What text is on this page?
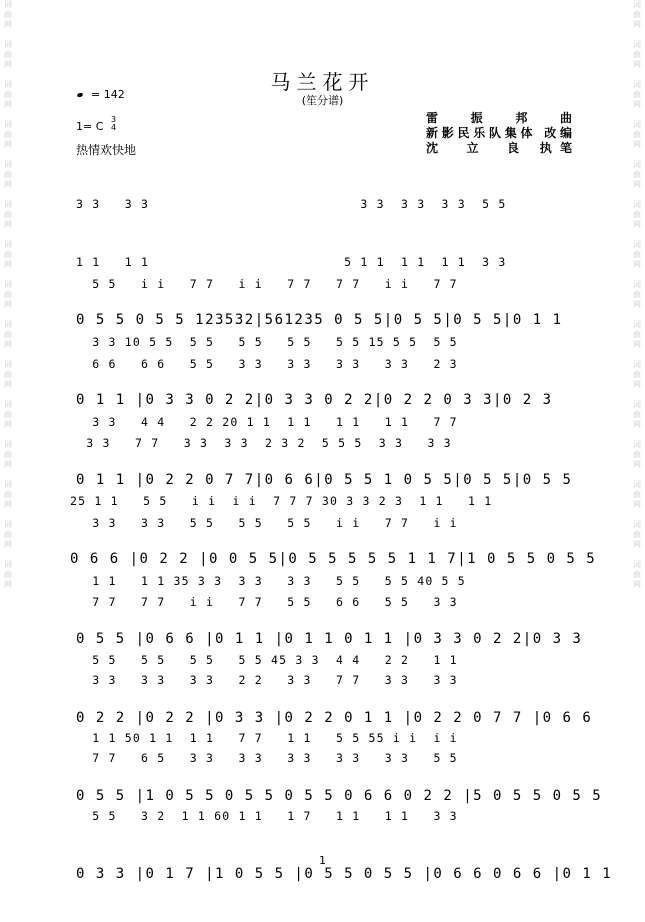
词
曲
网

词
曲
网

词
曲
网

词
曲
网

词
曲
网

词
曲
网

词
曲
网

词
曲
网

词
曲
网

词
曲
网

词
曲
网

词
曲
网

词
曲
网

词
曲
网

词
曲
网
词
曲
网

词
曲
网

词
曲
网

词
曲
网

词
曲
网

词
曲
网

词
曲
网

词
曲
网

词
曲
网

词
曲
网

词
曲
网

词
曲
网

词
曲
网

词
曲
网

词
曲
网
马兰花开
(笙分谱)
= 142
1= C
3
4
热情欢快地
雷　振　邦　曲
新影民乐队集体 改编
沈　立　良 执笔

3 3   3 3                          3 3  3 3  3 3  5 5

1 1   1 1                        5 1 1  1 1  1 1  3 3

0 5 5 0 5 5 123532|561235 0 5 5|0 5 5|0 5 5|0 1 1

5 5   i i   7 7   i i   7 7   7 7   i i   7 7

3 3 10 5 5  5 5   5 5   5 5   5 5 15 5 5  5 5

0 1 1 |0 3 3 0 2 2|0 3 3 0 2 2|0 2 2 0 3 3|0 2 3

6 6   6 6   5 5   3 3   3 3   3 3   3 3   2 3

3 3   4 4   2 2 20 1 1  1 1   1 1   1 1   7 7

0 1 1 |0 2 2 0 7 7|0 6 6|0 5 5 1 0 5 5|0 5 5|0 5 5

3 3   7 7   3 3  3 3  2 3 2  5 5 5  3 3   3 3

25 1 1   5 5   i i  i i  7 7 7 30 3 3 2 3  1 1   1 1

0 6 6 |0 2 2 |0 0 5 5|0 5 5 5 5 5 1 1 7|1 0 5 5 0 5 5

3 3   3 3   5 5   5 5   5 5   i i   7 7   i i

1 1   1 1 35 3 3  3 3   3 3   5 5   5 5 40 5 5

0 5 5 |0 6 6 |0 1 1 |0 1 1 0 1 1 |0 3 3 0 2 2|0 3 3

7 7   7 7   i i   7 7   5 5   6 6   5 5   3 3

5 5   5 5   5 5   5 5 45 3 3  4 4   2 2   1 1

0 2 2 |0 2 2 |0 3 3 |0 2 2 0 1 1 |0 2 2 0 7 7 |0 6 6

3 3   3 3   3 3   2 2   3 3   7 7   3 3   3 3

1 1 50 1 1  1 1   7 7   1 1   5 5 55 i i  i i

0 5 5 |1 0 5 5 0 5 5 0 5 5 0 6 6 0 2 2 |5 0 5 5 0 5 5

7 7   6 5   3 3   3 3   3 3   3 3   3 3   5 5

5 5   3 2  1 1 60 1 1   1 7   1 1   1 1   3 3

0 3 3 |0 1 7 |1 0 5 5 |0 5 5 0 5 5 |0 6 6 0 6 6 |0 1 1

1
